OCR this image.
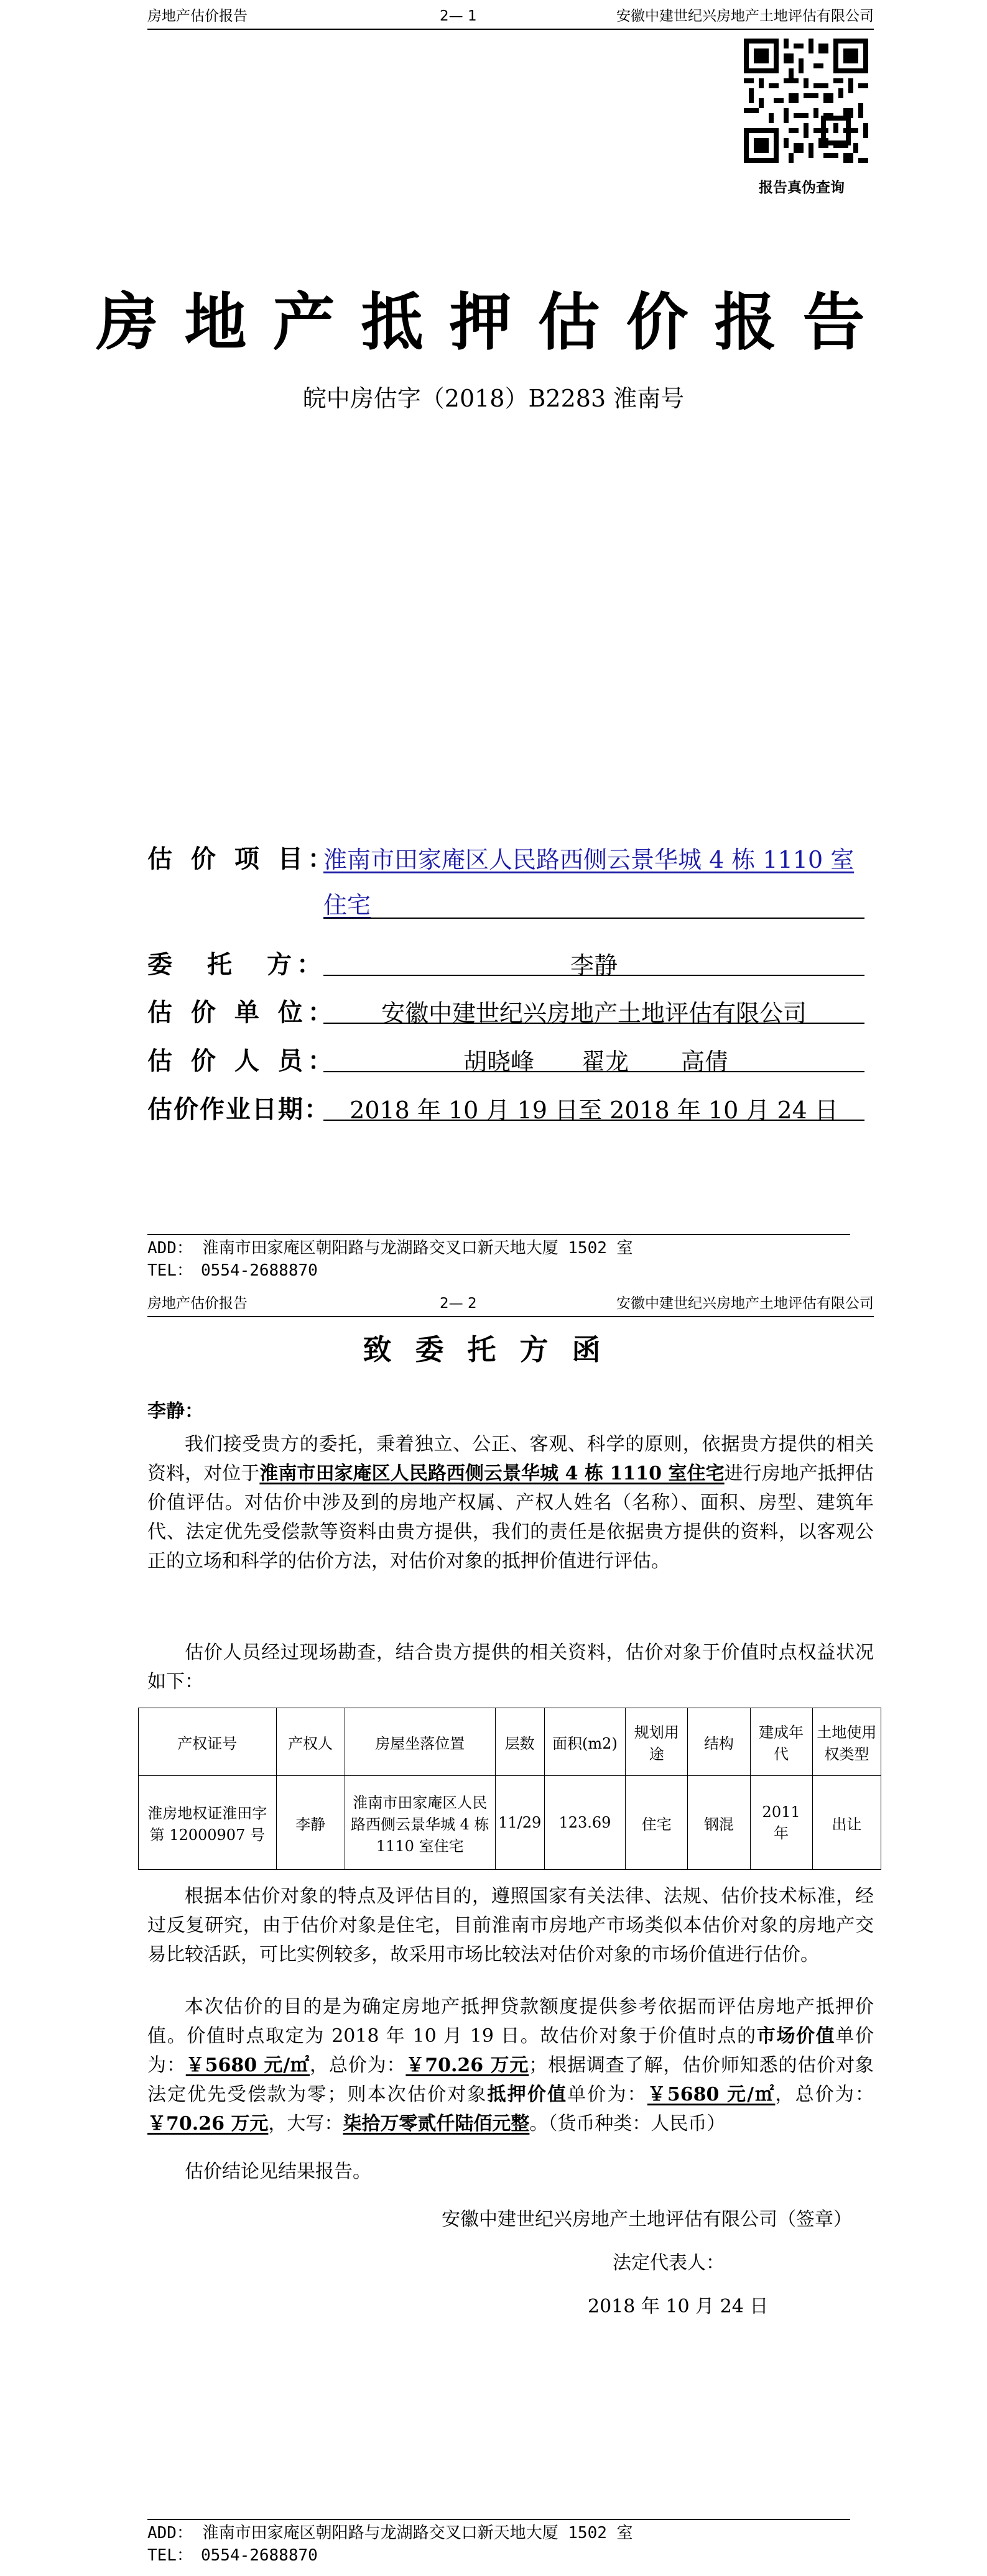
房地产估价报告	2— 1	安徽中建世纪兴房地产土地评估有限公司
报告真伪查询
房地产抵押估价报告
皖中房估字（2018）B2283 淮南号
估 价 项 目：
淮南市田家庵区人民路西侧云景华城 4 栋 1110 室
住宅
委　托　方：	李静
估 价 单 位：	安徽中建世纪兴房地产土地评估有限公司
估 价 人 员：	胡晓峰 翟龙 高倩
估价作业日期： 2018 年 10 月 19 日至 2018 年 10 月 24 日
ADD： 淮南市田家庵区朝阳路与龙湖路交叉口新天地大厦 1502 室
TEL：　0554-2688870
房地产估价报告	2— 2	安徽中建世纪兴房地产土地评估有限公司
致委托方函
李静：

我们接受贵方的委托，秉着独立、公正、客观、科学的原则，依据贵方提供的相关资料，对位于淮南市田家庵区人民路西侧云景华城 4 栋 1110 室住宅进行房地产抵押估价值评估。对估价中涉及到的房地产权属、产权人姓名（名称）、面积、房型、建筑年代、法定优先受偿款等资料由贵方提供，我们的责任是依据贵方提供的资料，以客观公正的立场和科学的估价方法，对估价对象的抵押价值进行评估。

估价人员经过现场勘查，结合贵方提供的相关资料，估价对象于价值时点权益状况如下：

产权证号	产权人	房屋坐落位置	层数	面积(m2)	规划用途	结构	建成年代	土地使用权类型
淮房地权证淮田字第 12000907 号	李静	淮南市田家庵区人民路西侧云景华城 4 栋 1110 室住宅	11/29	123.69	住宅	钢混	2011 年	出让

根据本估价对象的特点及评估目的，遵照国家有关法律、法规、估价技术标准，经过反复研究，由于估价对象是住宅，目前淮南市房地产市场类似本估价对象的房地产交易比较活跃，可比实例较多，故采用市场比较法对估价对象的市场价值进行估价。

本次估价的目的是为确定房地产抵押贷款额度提供参考依据而评估房地产抵押价值。价值时点取定为 2018 年 10 月 19 日。故估价对象于价值时点的市场价值单价为：￥5680 元/㎡，总价为：￥70.26 万元；根据调查了解，估价师知悉的估价对象法定优先受偿款为零；则本次估价对象抵押价值单价为：￥5680 元/㎡，总价为：￥70.26 万元，大写：柒拾万零贰仟陆佰元整。（货币种类：人民币）

估价结论见结果报告。

安徽中建世纪兴房地产土地评估有限公司（签章）
法定代表人：
2018 年 10 月 24 日
ADD： 淮南市田家庵区朝阳路与龙湖路交叉口新天地大厦 1502 室
TEL：　0554-2688870
